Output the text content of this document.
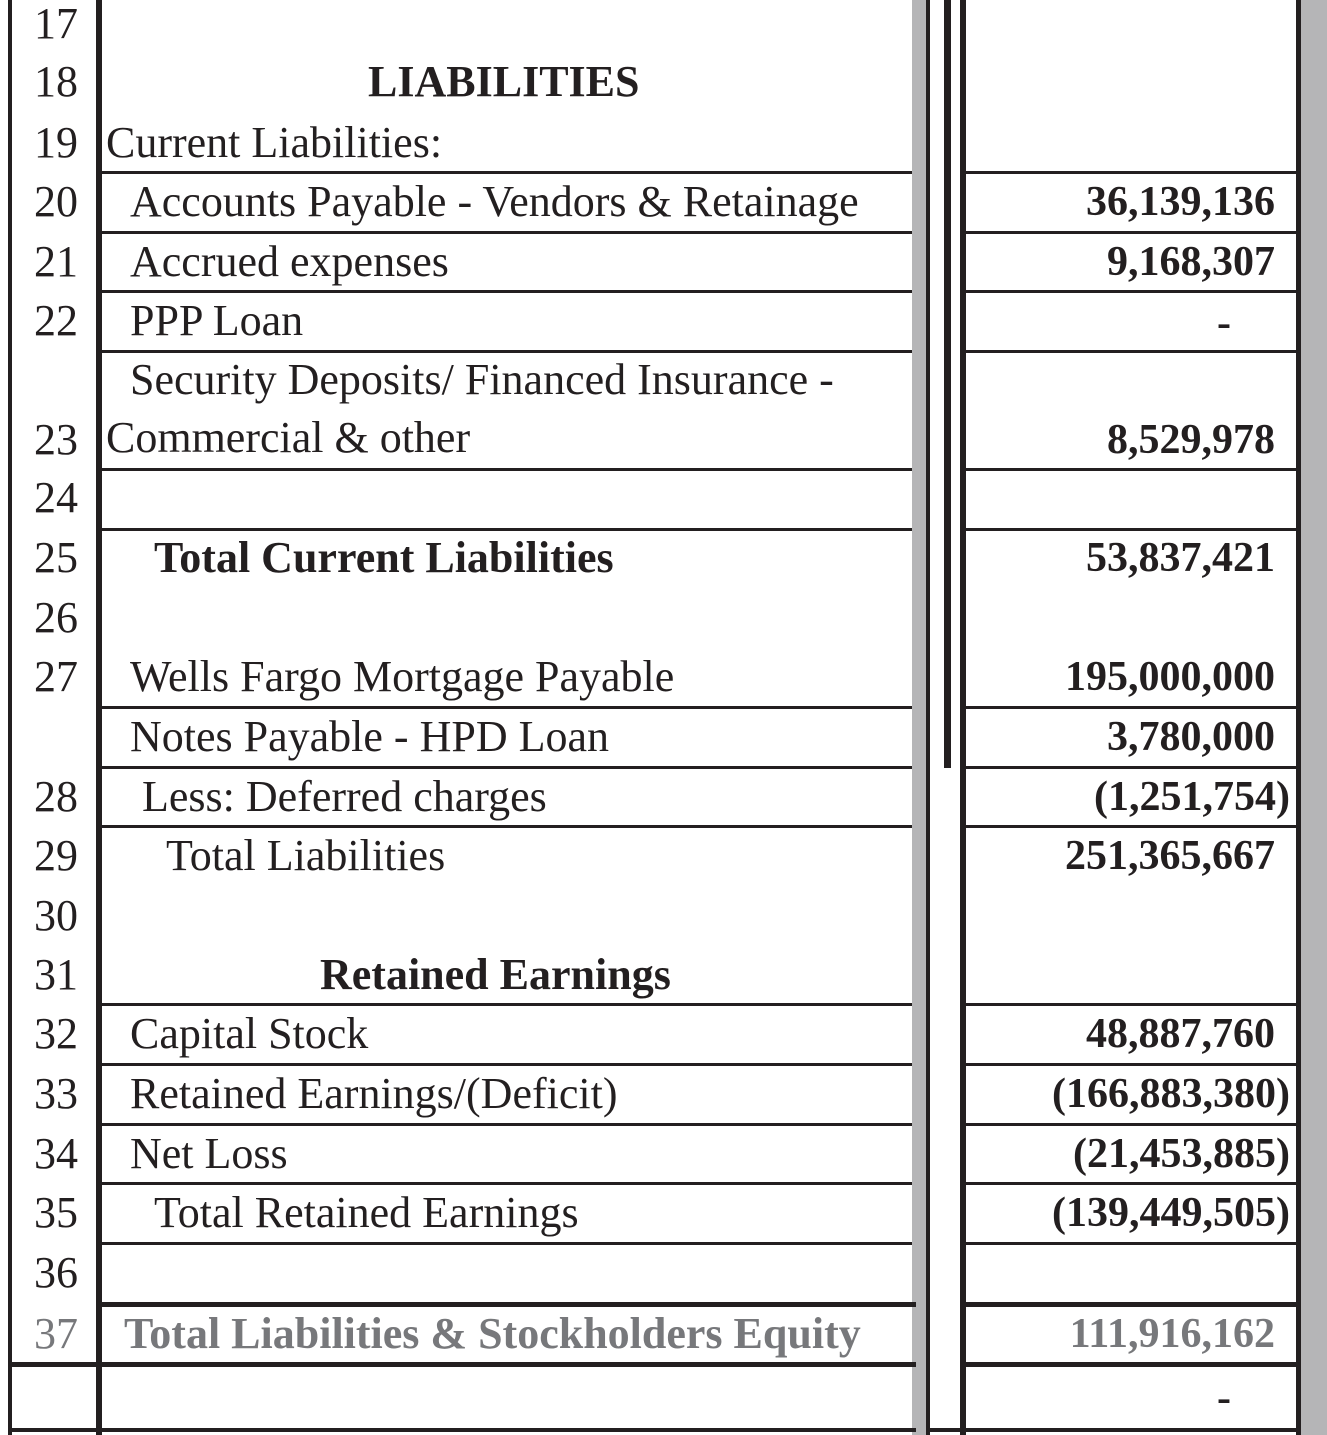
17
18	LIABILITIES
19 Current Liabilities:
20 Accounts Payable - Vendors & Retainage	36,139,136
21 Accrued expenses	9,168,307
22 PPP Loan	-
Security Deposits/ Financed Insurance -
23 Commercial & other	8,529,978
24
25 Total Current Liabilities	53,837,421
26
27 Wells Fargo Mortgage Payable	195,000,000
Notes Payable - HPD Loan	3,780,000
28 Less: Deferred charges	(1,251,754)
29 Total Liabilities	251,365,667
30
31	Retained Earnings
32 Capital Stock	48,887,760
33 Retained Earnings/(Deficit)	(166,883,380)
34 Net Loss	(21,453,885)
35 Total Retained Earnings	(139,449,505)
36
37 Total Liabilities & Stockholders Equity	111,916,162
-
